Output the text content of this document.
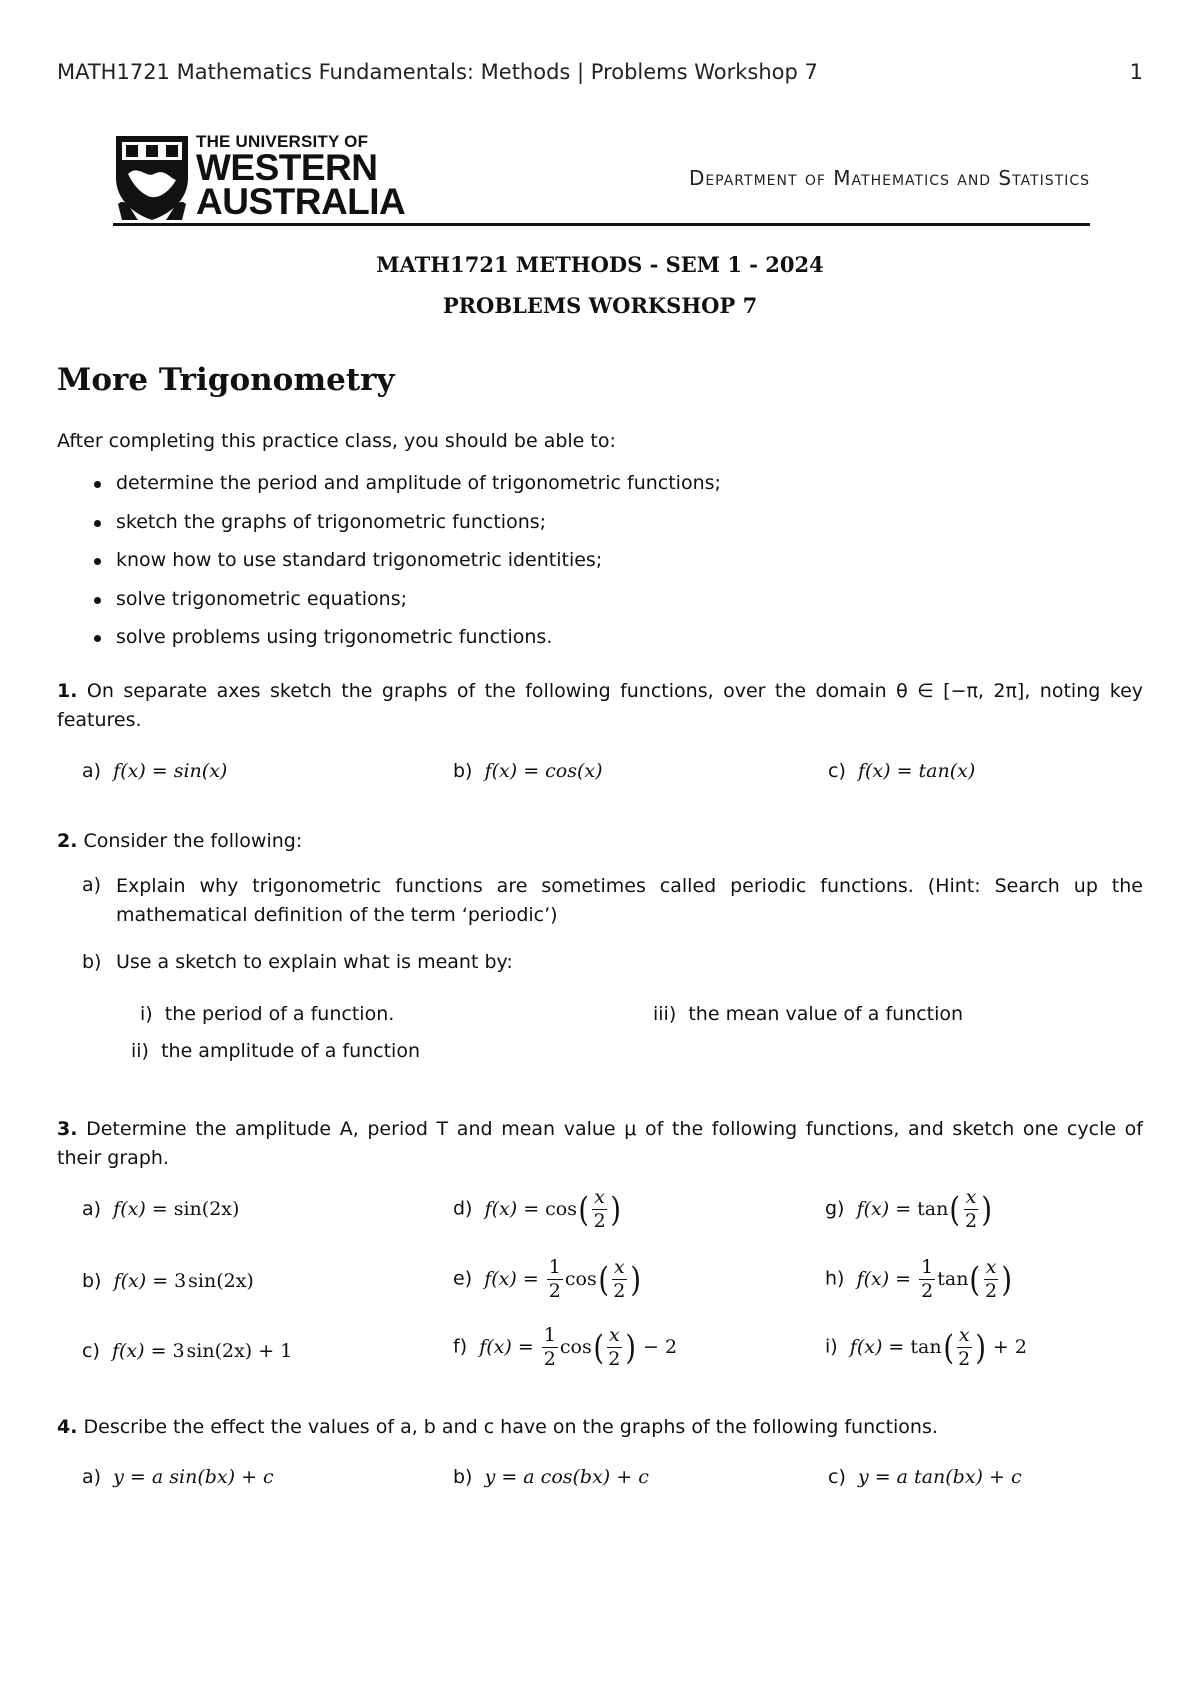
MATH1721 Mathematics Fundamentals: Methods | Problems Workshop 7	1
THE UNIVERSITY OF
WESTERN
AUSTRALIA
Department of Mathematics and Statistics
MATH1721 METHODS - SEM 1 - 2024
PROBLEMS WORKSHOP 7
More Trigonometry
After completing this practice class, you should be able to:
determine the period and amplitude of trigonometric functions;
sketch the graphs of trigonometric functions;
know how to use standard trigonometric identities;
solve trigonometric equations;
solve problems using trigonometric functions.
1. On separate axes sketch the graphs of the following functions, over the domain θ ∈ [−π, 2π], noting key features.
a) f(x) = sin(x)	b) f(x) = cos(x)	c) f(x) = tan(x)
2. Consider the following:
a) Explain why trigonometric functions are sometimes called periodic functions. (Hint: Search up the mathematical definition of the term ‘periodic’)
b) Use a sketch to explain what is meant by:
i) the period of a function.
ii) the amplitude of a function
iii) the mean value of a function
3. Determine the amplitude A, period T and mean value μ of the following functions, and sketch one cycle of their graph.
a) f(x) = sin(2x)
b) f(x) = 3  sin(2x)
c) f(x) = 3  sin(2x) + 1
d) $f(x) = \cos( \frac{x}{2}$ )
e) $f(x) = \frac{1}{2} \cos( \frac{x}{2}$ )
f) $f(x) = \frac{1}{2} \cos( \frac{x}{2}$ ) − 2
g) $f(x) = \tan( \frac{x}{2}$ )
h) $f(x) = \frac{1}{2} \tan( \frac{x}{2}$ )
i) $f(x) = \tan( \frac{x}{2}$ ) + 2
4. Describe the effect the values of a, b and c have on the graphs of the following functions.
a) y = a sin(bx) + c	b) y = a cos(bx) + c	c) y = a tan(bx) + c
